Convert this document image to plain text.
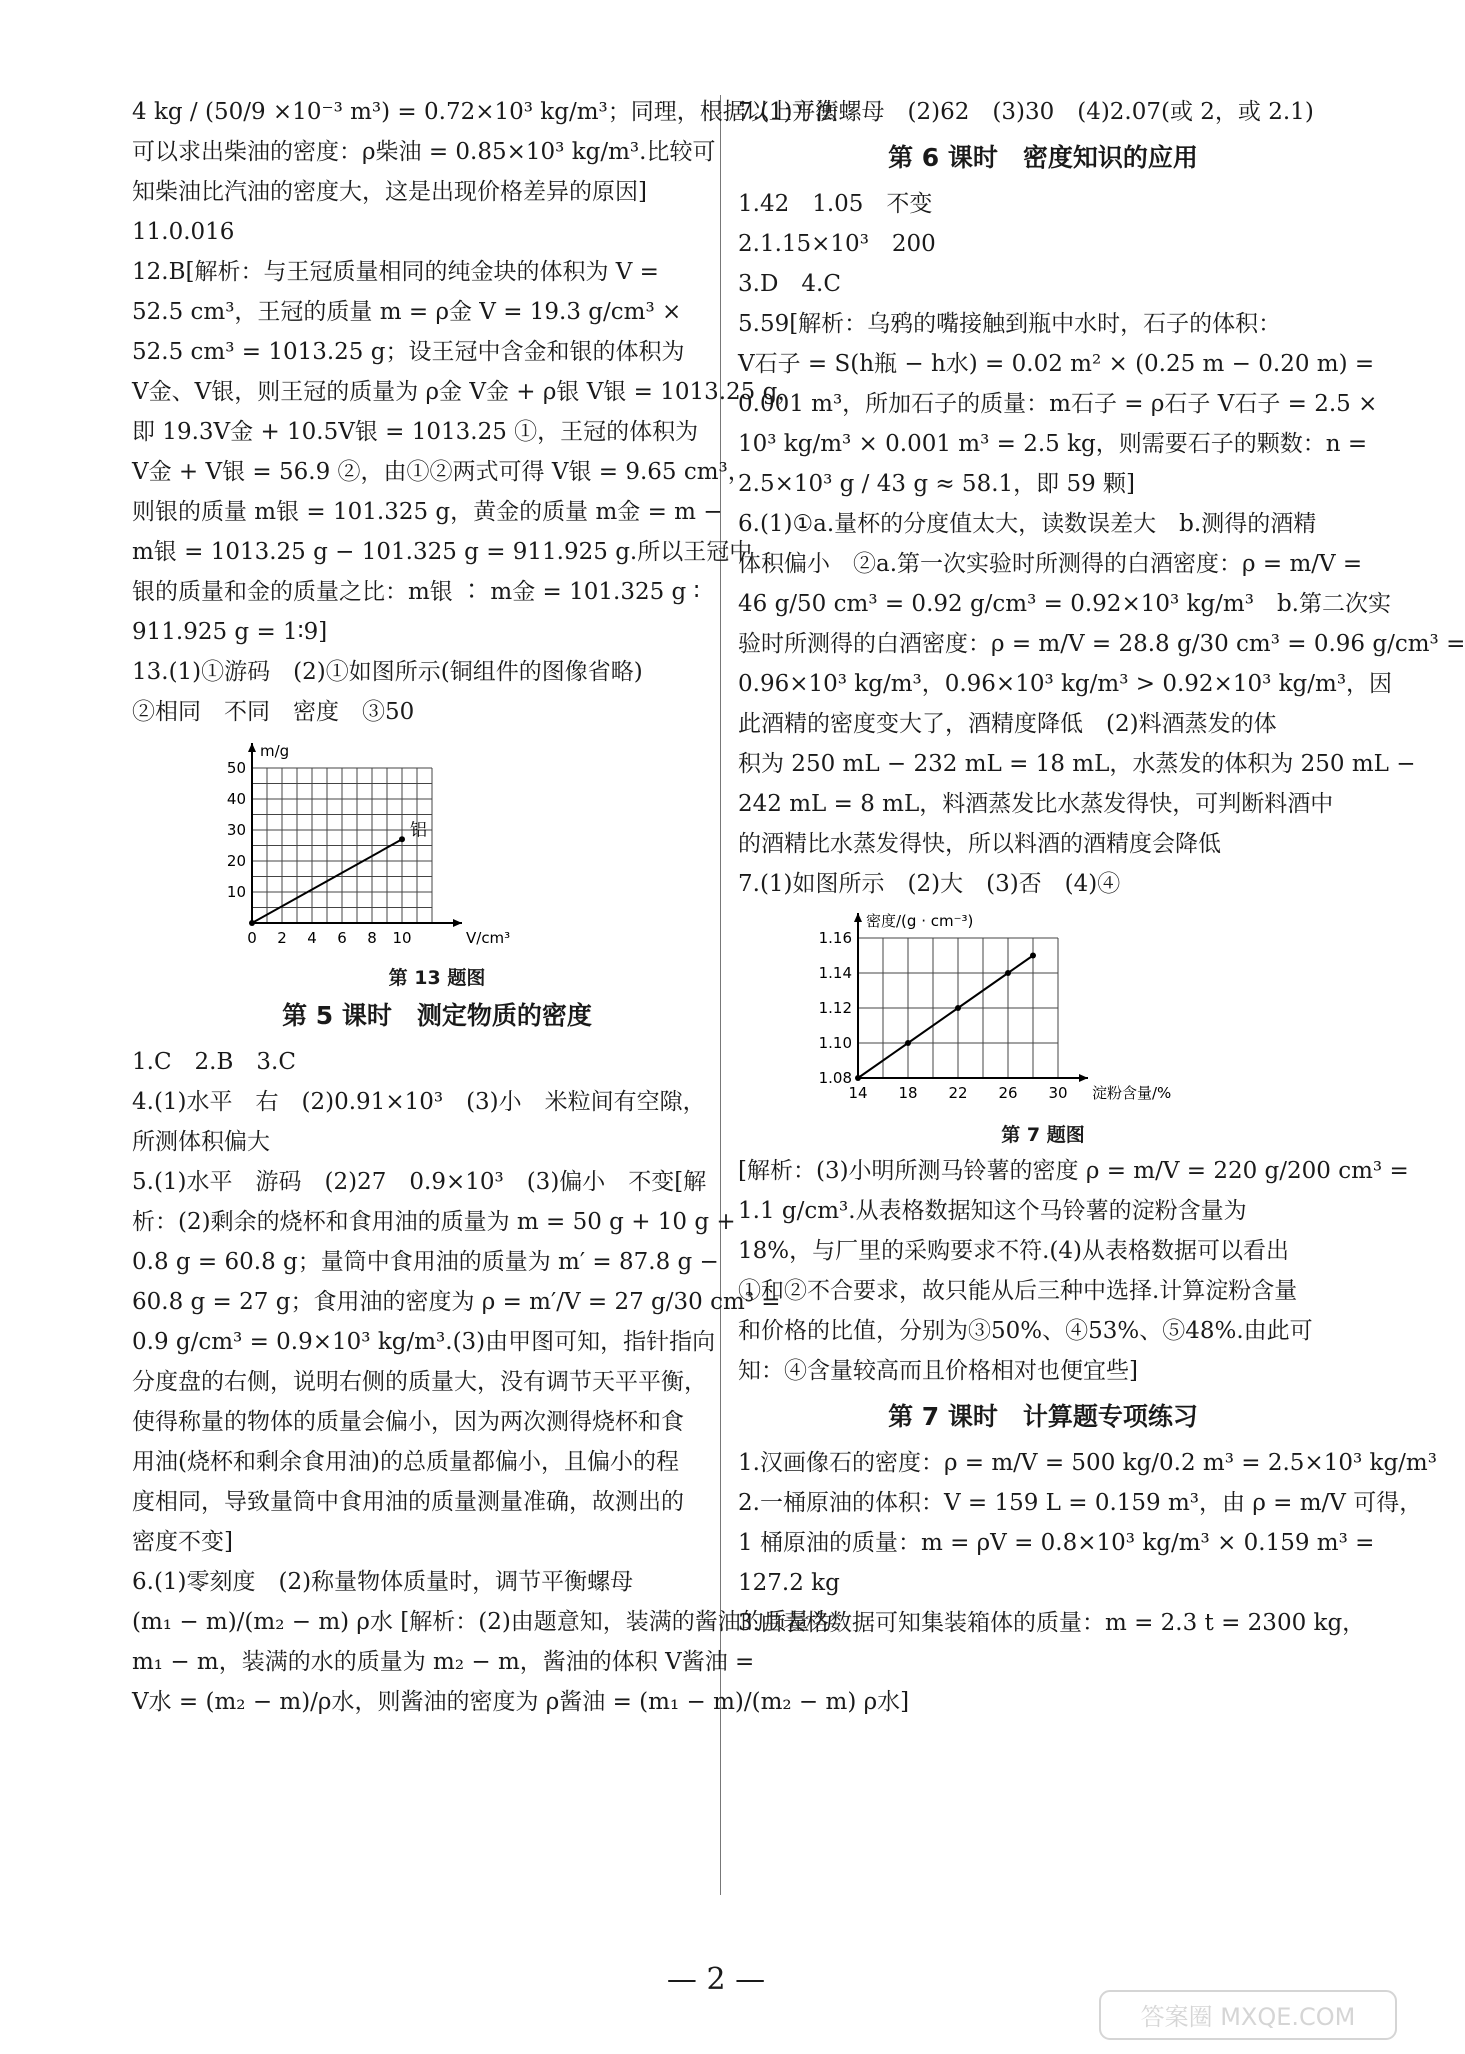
4 kg / (50/9 ×10⁻³ m³) = 0.72×10³ kg/m³；同理，根据以上方法
可以求出柴油的密度：ρ柴油 = 0.85×10³ kg/m³.比较可
知柴油比汽油的密度大，这是出现价格差异的原因]
11.0.016
12.B[解析：与王冠质量相同的纯金块的体积为 V =
52.5 cm³，王冠的质量 m = ρ金 V = 19.3 g/cm³ ×
52.5 cm³ = 1013.25 g；设王冠中含金和银的体积为
V金、V银，则王冠的质量为 ρ金 V金 + ρ银 V银 = 1013.25 g，
即 19.3V金 + 10.5V银 = 1013.25 ①，王冠的体积为
V金 + V银 = 56.9 ②，由①②两式可得 V银 = 9.65 cm³，
则银的质量 m银 = 101.325 g，黄金的质量 m金 = m −
m银 = 1013.25 g − 101.325 g = 911.925 g.所以王冠中
银的质量和金的质量之比：m银 ∶ m金 = 101.325 g ∶
911.925 g = 1∶9]
13.(1)①游码　(2)①如图所示(铜组件的图像省略)
②相同　不同　密度　③50
0 2 4 6 8 10
10
20
30
40
50
V/cm³
m/g
铝
第 13 题图
第 5 课时　测定物质的密度
1.C　2.B　3.C
4.(1)水平　右　(2)0.91×10³　(3)小　米粒间有空隙，
所测体积偏大
5.(1)水平　游码　(2)27　0.9×10³　(3)偏小　不变[解
析：(2)剩余的烧杯和食用油的质量为 m = 50 g + 10 g +
0.8 g = 60.8 g；量筒中食用油的质量为 m′ = 87.8 g −
60.8 g = 27 g；食用油的密度为 ρ = m′/V = 27 g/30 cm³ =
0.9 g/cm³ = 0.9×10³ kg/m³.(3)由甲图可知，指针指向
分度盘的右侧，说明右侧的质量大，没有调节天平平衡，
使得称量的物体的质量会偏小，因为两次测得烧杯和食
用油(烧杯和剩余食用油)的总质量都偏小，且偏小的程
度相同，导致量筒中食用油的质量测量准确，故测出的
密度不变]
6.(1)零刻度　(2)称量物体质量时，调节平衡螺母
(m₁ − m)/(m₂ − m) ρ水 [解析：(2)由题意知，装满的酱油的质量为
m₁ − m，装满的水的质量为 m₂ − m，酱油的体积 V酱油 =
V水 = (m₂ − m)/ρ水，则酱油的密度为 ρ酱油 = (m₁ − m)/(m₂ − m) ρ水]
7.(1)平衡螺母　(2)62　(3)30　(4)2.07(或 2，或 2.1)
第 6 课时　密度知识的应用
1.42　1.05　不变
2.1.15×10³　200
3.D　4.C
5.59[解析：乌鸦的嘴接触到瓶中水时，石子的体积：
V石子 = S(h瓶 − h水) = 0.02 m² × (0.25 m − 0.20 m) =
0.001 m³，所加石子的质量：m石子 = ρ石子 V石子 = 2.5 ×
10³ kg/m³ × 0.001 m³ = 2.5 kg，则需要石子的颗数：n =
2.5×10³ g / 43 g ≈ 58.1，即 59 颗]
6.(1)①a.量杯的分度值太大，读数误差大　b.测得的酒精
体积偏小　②a.第一次实验时所测得的白酒密度：ρ = m/V =
46 g/50 cm³ = 0.92 g/cm³ = 0.92×10³ kg/m³　b.第二次实
验时所测得的白酒密度：ρ = m/V = 28.8 g/30 cm³ = 0.96 g/cm³ =
0.96×10³ kg/m³，0.96×10³ kg/m³ > 0.92×10³ kg/m³，因
此酒精的密度变大了，酒精度降低　(2)料酒蒸发的体
积为 250 mL − 232 mL = 18 mL，水蒸发的体积为 250 mL −
242 mL = 8 mL，料酒蒸发比水蒸发得快，可判断料酒中
的酒精比水蒸发得快，所以料酒的酒精度会降低
7.(1)如图所示　(2)大　(3)否　(4)④
14 18 22 26 30
1.08
1.10
1.12
1.14
1.16
淀粉含量/%
密度/(g · cm⁻³)
第 7 题图
[解析：(3)小明所测马铃薯的密度 ρ = m/V = 220 g/200 cm³ =
1.1 g/cm³.从表格数据知这个马铃薯的淀粉含量为
18%，与厂里的采购要求不符.(4)从表格数据可以看出
①和②不合要求，故只能从后三种中选择.计算淀粉含量
和价格的比值，分别为③50%、④53%、⑤48%.由此可
知：④含量较高而且价格相对也便宜些]
第 7 课时　计算题专项练习
1.汉画像石的密度：ρ = m/V = 500 kg/0.2 m³ = 2.5×10³ kg/m³
2.一桶原油的体积：V = 159 L = 0.159 m³，由 ρ = m/V 可得，
1 桶原油的质量：m = ρV = 0.8×10³ kg/m³ × 0.159 m³ =
127.2 kg
3.由表格数据可知集装箱体的质量：m = 2.3 t = 2300 kg，
— 2 —
答案圈 MXQE.COM
